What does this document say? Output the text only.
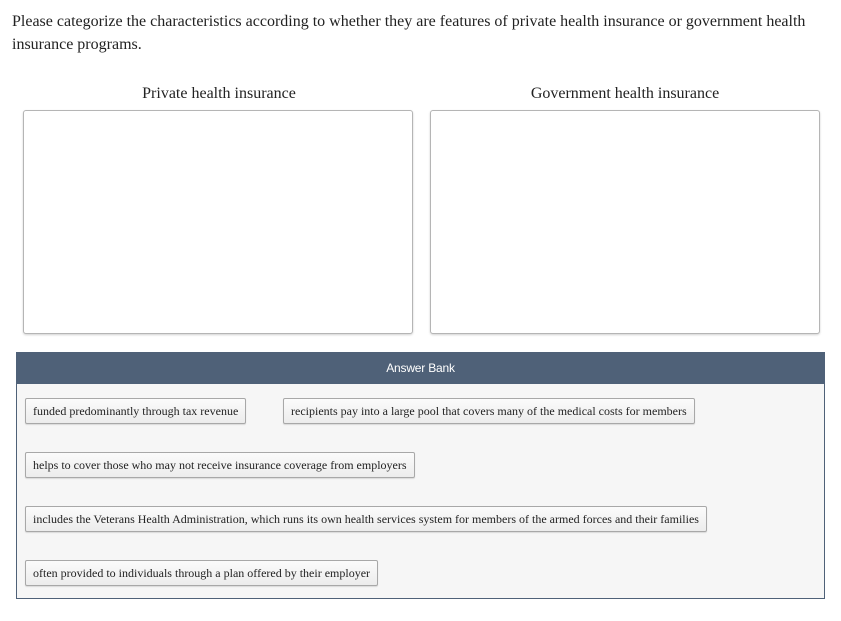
Please categorize the characteristics according to whether they are features of private health insurance or government health insurance programs.

Private health insurance	Government health insurance
Answer Bank
funded predominantly through tax revenue	recipients pay into a large pool that covers many of the medical costs for members
helps to cover those who may not receive insurance coverage from employers
includes the Veterans Health Administration, which runs its own health services system for members of the armed forces and their families
often provided to individuals through a plan offered by their employer
